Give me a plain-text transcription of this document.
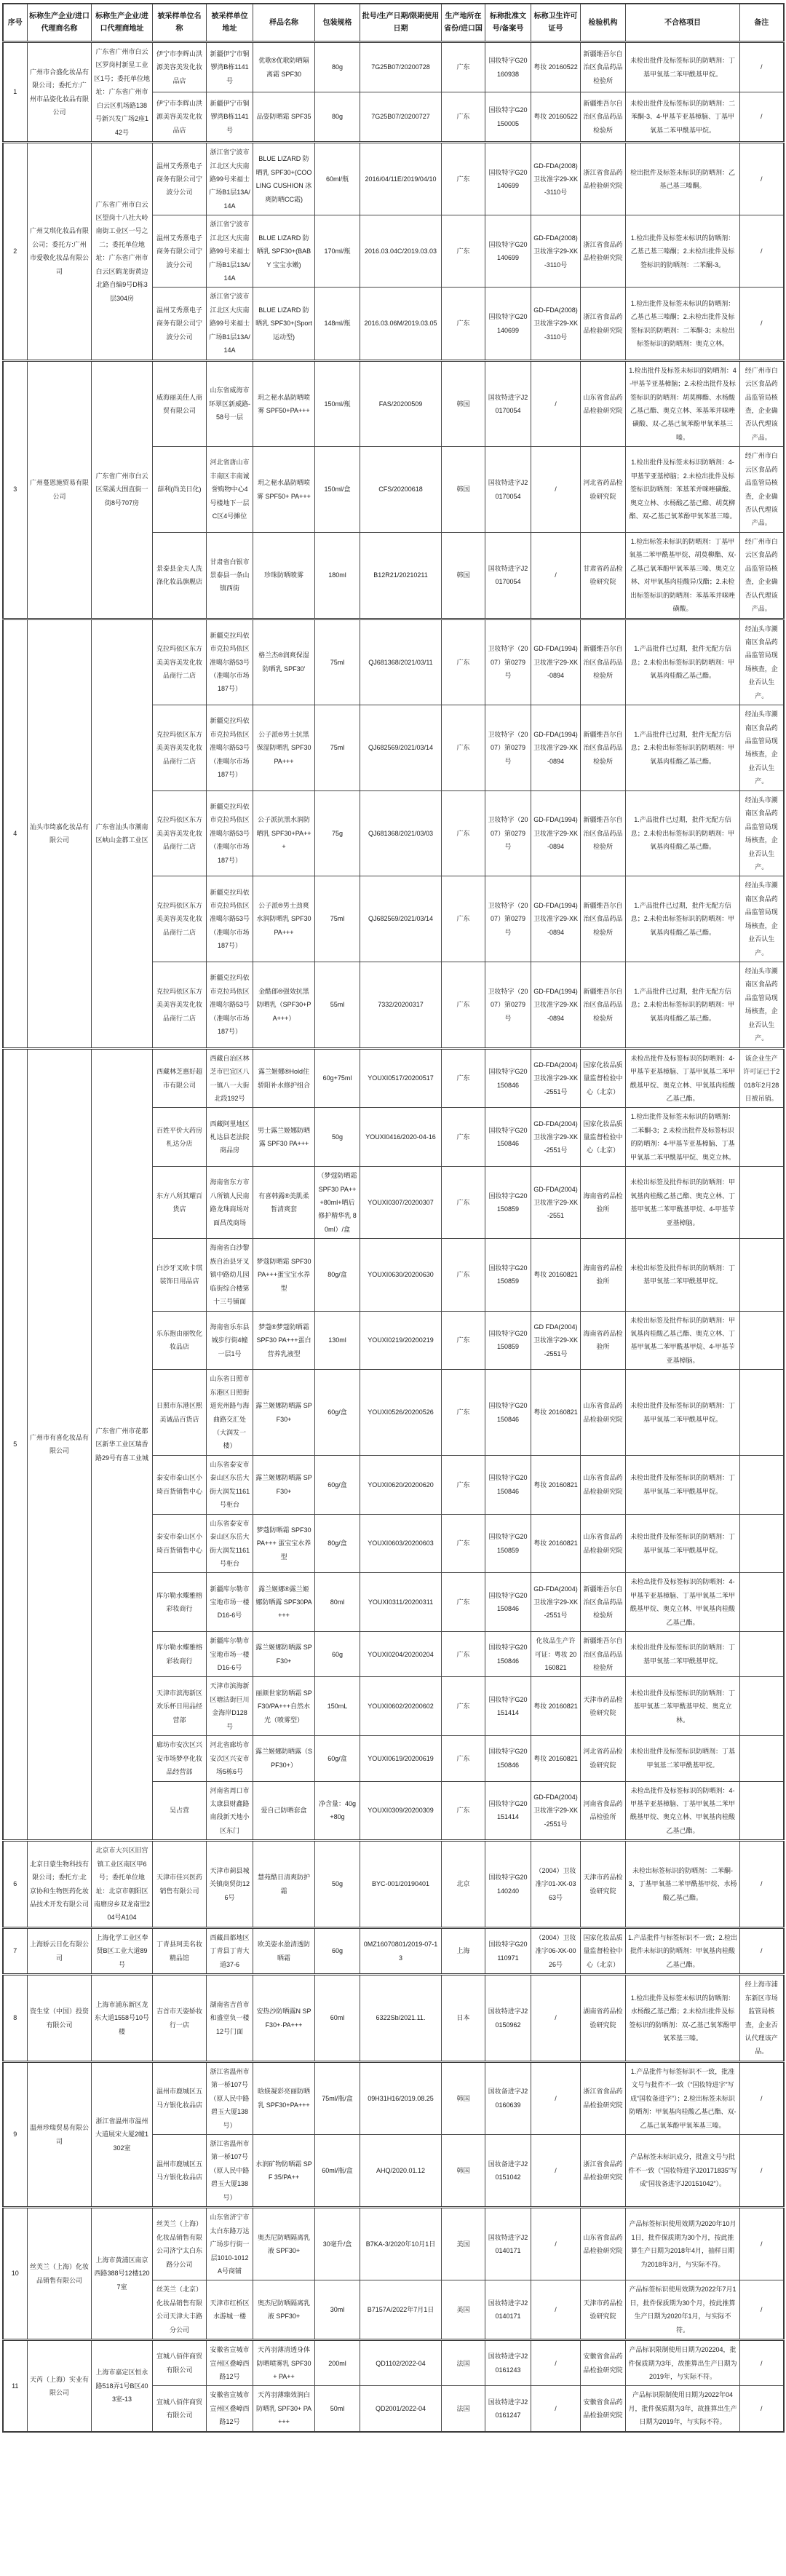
序号	标称生产企业/进口代理商名称	标称生产企业/进口代理商地址	被采样单位名称	被采样单位地址	样品名称	包装规格	批号/生产日期/限期使用日期	生产地所在省份/进口国	标称批准文号/备案号	标称卫生许可证号	检验机构	不合格项目	备注
1	广州市合盛化妆品有限公司；委托方:广州市品姿化妆品有限公司	广东省广州市白云区罗岗村新星工业区1号；委托单位地址：广东省广州市白云区机场路138号新兴发广场2座142号	伊宁市李辉山洪源美容美发化妆品店	新疆伊宁市铜锣湾B栋1141号	优歌®优歌防晒隔离霜 SPF30	80g	7G25B07/20200728	广东	国妆特字G20160938	粤妆 20160522	新疆维吾尔自治区食品药品检验所	未检出批件及标签标识的防晒剂：丁基甲氧基二苯甲酰基甲烷。	/
			伊宁市李辉山洪源美容美发化妆品店	新疆伊宁市铜锣湾B栋1141号	品姿防晒霜 SPF35	80g	7G25B07/20200727	广东	国妆特字G20150005	粤妆 20160522	新疆维吾尔自治区食品药品检验所	未检出批件及标签标识的防晒剂：二苯酮-3、4-甲基苄亚基樟脑、丁基甲氧基二苯甲酰基甲烷。	/
2	广州艾琪化妆品有限公司；委托方:广州市爱敬化妆品有限公司	广东省广州市白云区望岗十八社大岭南街工业区一号之二；委托单位地址：广东省广州市白云区鹤龙街黄边北路自编9号D栋3层304房	温州艾秀熹电子商务有限公司宁波分公司	浙江省宁波市江北区大庆南路99号来福士广场B1层13A/14A	BLUE LIZARD 防晒乳 SPF30+(COOLING CUSHION 冰爽防晒CC霜)	60ml/瓶	2016/04/11E/2019/04/10	广东	国妆特字G20140699	GD-FDA(2008)卫妆准字29-XK-3110号	浙江省食品药品检验研究院	检出批件及标签未标识的防晒剂：乙基己基三嗪酮。	/
			温州艾秀熹电子商务有限公司宁波分公司	浙江省宁波市江北区大庆南路99号来福士广场B1层13A/14A	BLUE LIZARD 防晒乳 SPF30+(BABY 宝宝水嫩)	170ml/瓶	2016.03.04C/2019.03.03	广东	国妆特字G20140699	GD-FDA(2008)卫妆准字29-XK-3110号	浙江省食品药品检验研究院	1.检出批件及标签未标识的防晒剂：乙基己基三嗪酮；2.未检出批件及标签标识的防晒剂：二苯酮-3。	/
			温州艾秀熹电子商务有限公司宁波分公司	浙江省宁波市江北区大庆南路99号来福士广场B1层13A/14A	BLUE LIZARD 防晒乳 SPF30+(Sport 运动型)	148ml/瓶	2016.03.06M/2019.03.05	广东	国妆特字G20140699	GD-FDA(2008)卫妆准字29-XK-3110号	浙江省食品药品检验研究院	1.检出批件及标签未标识的防晒剂：乙基己基三嗪酮；2.未检出批件及标签标识的防晒剂：二苯酮-3；未检出标签标识的防晒剂：奥克立林。	/
3	广州蔓恩施贸易有限公司	广东省广州市白云区棠溪大围直街一街8号707房	威海丽美佳人商贸有限公司	山东省威海市环翠区新威路-58号一层	玥之秘水晶防晒喷雾 SPF50+PA+++	150ml/瓶	FAS/20200509	韩国	国妆特进字J20170054	/	山东省食品药品检验研究院	1.检出批件及标签未标识的防晒剂：4-甲基苄亚基樟脑；2.未检出批件及标签标识的防晒剂：胡莫柳酯、水杨酸乙基己酯、奥克立林、苯基苯并咪唑磺酸、双-乙基己氧苯酚甲氧苯基三嗪。	经广州市白云区食品药品监管局核查，企业确否认代理该产品。
			薛利(尚美日化)	河北省唐山市丰南区丰南诚誉购物中心4号楼地下一层C区4号摊位	玥之秘水晶防晒喷雾 SPF50+ PA+++	150ml/盒	CFS/20200618	韩国	国妆特进字J20170054	/	河北省药品检验研究院	1.检出批件及标签未标识防晒剂：4-甲基苄亚基樟脑；2.未检出批件及标签标识防晒剂：苯基苯并咪唑磺酸、奥克立林、水杨酸乙基己酯、胡莫柳酯、双-乙基己氧苯酚甲氧苯基三嗪。	经广州市白云区食品药品监管局核查，企业确否认代理该产品。
			景泰县金夫人洗涤化妆品旗舰店	甘肃省白银市景泰县一条山镇西街	珍珠防晒喷雾	180ml	B12R21/20210211	韩国	国妆特进字J20170054	/	甘肃省药品检验研究院	1.检出标签未标识的防晒剂：丁基甲氧基二苯甲酰基甲烷、胡莫柳酯、双-乙基己氧苯酚甲氧苯基三嗪、奥克立林、对甲氧基肉桂酸异戊酯；2.未检出标签标识的防晒剂：苯基苯并咪唑磺酸。	经广州市白云区食品药品监管局核查，企业确否认代理该产品。
4	汕头市绮嘉化妆品有限公司	广东省汕头市潮南区峡山金都工业区	克拉玛依区东方美美容美发化妆品商行二店	新疆克拉玛依市克拉玛依区准噶尔路53号（准噶尔市场187号）	格兰杰®润爽保湿防晒乳 SPF30'	75ml	QJ681368/2021/03/11	广东	卫妆特字（2007）第0279号	GD-FDA(1994)卫妆准字29-XK-0894	新疆维吾尔自治区食品药品检验所	1.产品批件已过期，批件无配方信息；2.未检出标签标识的防晒剂：甲氧基肉桂酸乙基己酯。	经汕头市潮南区食品药品监管局现场核查，企业否认生产。
			克拉玛依区东方美美容美发化妆品商行二店	新疆克拉玛依市克拉玛依区准噶尔路53号（准噶尔市场187号）	公子派®男士抗黑保湿防晒乳 SPF30PA+++	75ml	QJ682569/2021/03/14	广东	卫妆特字（2007）第0279号	GD-FDA(1994)卫妆准字29-XK-0894	新疆维吾尔自治区食品药品检验所	1.产品批件已过期，批件无配方信息；2.未检出标签标识的防晒剂：甲氧基肉桂酸乙基己酯。	经汕头市潮南区食品药品监管局现场核查，企业否认生产。
			克拉玛依区东方美美容美发化妆品商行二店	新疆克拉玛依市克拉玛依区准噶尔路53号（准噶尔市场187号）	公子派抗黑水润防晒乳 SPF30+PA+++	75g	QJ681368/2021/03/03	广东	卫妆特字（2007）第0279号	GD-FDA(1994)卫妆准字29-XK-0894	新疆维吾尔自治区食品药品检验所	1.产品批件已过期，批件无配方信息；2.未检出标签标识的防晒剂：甲氧基肉桂酸乙基己酯。	经汕头市潮南区食品药品监管局现场核查，企业否认生产。
			克拉玛依区东方美美容美发化妆品商行二店	新疆克拉玛依市克拉玛依区准噶尔路53号（准噶尔市场187号）	公子派®男士劲爽水润防晒乳 SPF30PA+++	75ml	QJ682569/2021/03/14	广东	卫妆特字（2007）第0279号	GD-FDA(1994)卫妆准字29-XK-0894	新疆维吾尔自治区食品药品检验所	1.产品批件已过期，批件无配方信息；2.未检出标签标识的防晒剂：甲氧基肉桂酸乙基己酯。	经汕头市潮南区食品药品监管局现场核查，企业否认生产。
			克拉玛依区东方美美容美发化妆品商行二店	新疆克拉玛依市克拉玛依区准噶尔路53号（准噶尔市场187号）	金酷郎®强效抗黑防晒乳（SPF30+PA+++）	55ml	7332/20200317	广东	卫妆特字（2007）第0279号	GD-FDA(1994)卫妆准字29-XK-0894	新疆维吾尔自治区食品药品检验所	1.产品批件已过期，批件无配方信息；2.未检出标签标识的防晒剂：甲氧基肉桂酸乙基己酯。	经汕头市潮南区食品药品监管局现场核查，企业否认生产。
5	广州市有喜化妆品有限公司	广东省广州市花都区新华工业区瑞香路29号有喜工业城	西藏林芝惠好超市有限公司	西藏自治区林芝市巴宜区八一镇八一大街北段192号	露兰姬娜®Hold住骄阳补水修护组合	60g+75ml	YOUXI0517/20200517	广东	国妆特字G20150846	GD-FDA(2004)卫妆准字29-XK-2551号	国家化妆品质量监督检验中心（北京）	未检出批件及标签标识的防晒剂：4-甲基苄亚基樟脑、丁基甲氧基二苯甲酰基甲烷、奥克立林、甲氧基肉桂酸乙基己酯。	该企业生产许可证已于2018年2月28日被吊销。
			百姓平价大药房札达分店	西藏阿里地区札达县老法院商品房	男士露兰姬娜防晒露 SPF30 PA+++	50g	YOUXI0416/2020-04-16	广东	国妆特字G20150846	GD-FDA(2004)卫妆准字29-XK-2551号	国家化妆品质量监督检验中心（北京）	1.检出批件及标签未标识的防晒剂：二苯酮-3；2.未检出批件及标签标识的防晒剂：4-甲基苄亚基樟脑、丁基甲氧基二苯甲酰基甲烷、奥克立林。	
			东方八所其耀百货店	海南省东方市八所镇人民南路龙珠商场对面昌茂商场	有喜韩露®美肌柔皙清爽套	（梦蔻防晒霜 SPF30 PA+++80ml+晒后修护精华乳 80ml）/盒	YOUXI0307/20200307	广东	国妆特字G20150859	GD-FDA(2004)卫妆准字29-XK-2551	海南省药品检验所	未检出标签及批件标识的防晒剂：甲氧基肉桂酸乙基己酯、奥克立林、丁基甲氧基二苯甲酰基甲烷、4-甲基苄亚基樟脑。	
			白沙牙叉欧卡琪装饰日用品店	海南省白沙黎族自治县牙叉镇中路幼儿园临街综合楼第十三号铺面	梦蔻防晒霜 SPF30 PA+++蛋宝宝水养型	80g/盒	YOUXI0630/20200630	广东	国妆特字G20150859	粤妆 20160821	海南省药品检验所	未检出标签及批件标识的防晒剂：丁基甲氧基二苯甲酰基甲烷。	
			乐东抱由丽牧化妆品店	海南省乐东县城步行街4幢一层1号	梦蔻®梦蔻防晒霜 SPF30 PA+++蛋白营养乳液型	130ml	YOUXI0219/20200219	广东	国妆特字G20150859	GD FDA(2004)卫妆准字29-XK-2551号	海南省药品检验所	未检出标签及批件标识的防晒剂：甲氧基肉桂酸乙基己酯、奥克立林、丁基甲氧基二苯甲酰基甲烷、4-甲基苄亚基樟脑。	
			日照市东港区熙美诚品百货店	山东省日照市东港区日照街道兖州路与海曲路交汇处（大润发一楼）	露兰姬娜防晒露 SPF30+	60g/盒	YOUXI0526/20200526	广东	国妆特字G20150846	粤妆 20160821	山东省食品药品检验研究院	未检出批件及标签标识的防晒剂：丁基甲氧基二苯甲酰基甲烷。	
			泰安市泰山区小琦百货销售中心	山东省泰安市泰山区东岳大街大润发1161号柜台	露兰姬娜防晒露 SPF30+	60g/盒	YOUXI0620/20200620	广东	国妆特字G20150846	粤妆 20160821	山东省食品药品检验研究院	未检出批件及标签标识的防晒剂：丁基甲氧基二苯甲酰基甲烷。	
			泰安市泰山区小琦百货销售中心	山东省泰安市泰山区东岳大街大润发1161号柜台	梦蔻防晒霜 SPF30 PA+++ 蛋宝宝水养型	80g/盒	YOUXI0603/20200603	广东	国妆特字G20150859	粤妆 20160821	山东省食品药品检验研究院	未检出批件及标签标识的防晒剂：丁基甲氧基二苯甲酰基甲烷。	
			库尔勒水蝶雅榕彩妆商行	新疆库尔勒市宝地市场一楼D16-6号	露兰姬娜®露兰姬娜防晒露 SPF30PA+++	80ml	YOUXI0311/20200311	广东	国妆特字G20150846	GD-FDA(2004)卫妆准字29-XK-2551号	新疆维吾尔自治区食品药品检验所	未检出批件及标签标识的防晒剂：4-甲基苄亚基樟脑、丁基甲氧基二苯甲酰基甲烷、奥克立林、甲氧基肉桂酸乙基己酯。	
			库尔勒水蝶雅榕彩妆商行	新疆库尔勒市宝地市场一楼D16-6号	露兰姬娜防晒露 SPF30+	60g	YOUXI0204/20200204	广东	国妆特字G20150846	化妆品生产许可证：粤妆 20160821	新疆维吾尔自治区食品药品检验所	未检出批件及标签标识的防晒剂：丁基甲氧基二苯甲酰基甲烷。	
			天津市滨海新区欢乐杯日用品经营部	天津市滨海新区塘沽街巨川金海岸D128号	丽颜世家防晒霜 SPF30/PA+++自然水光（喷雾型）	150mL	YOUXI0602/20200602	广东	国妆特字G20151414	粤妆 20160821	天津市药品检验研究院	未检出批件及标签标识的防晒剂：丁基甲氧基二苯甲酰基甲烷、奥克立林。	
			廊坊市安次区兴安市场梦亭化妆品经营部	河北省廊坊市安次区兴安市场5栋6号	露兰姬娜防晒露（SPF30+）	60g/盒	YOUXI0619/20200619	广东	国妆特字G20150846	粤妆 20160821	河北省药品检验研究院	未检出批件及标签标识防晒剂：丁基甲氧基二苯甲酰基甲烷。	
			吴占营	河南省周口市太康县财鑫路南段新天地小区东门	爱自己防晒套盒	净含量：40g+80g	YOUXI0309/20200309	广东	国妆特字G20151414	GD-FDA(2004)卫妆准字29-XK-2551号	河南省食品药品检验所	未检出批件及标签标识的防晒剂：4-甲基苄亚基樟脑、丁基甲氧基二苯甲酰基甲烷、奥克立林、甲氧基肉桂酸乙基己酯。	
6	北京日蒙生物科技有限公司；委托方:北京协和生物医药化妆品技术开发有限公司	北京市大兴区旧宫镇工业区南区甲6号；委托单位地址：北京市朝阳区南磨房乡双龙南里204号A104	天津市佳兴医药销售有限公司	天津市蓟县城关镇商贸街126号	慧苑酷日清爽防护霜	50g	BYC-001/20190401	北京	国妆特字G20140240	（2004）卫妆准字01-XK-0363号	天津市药品检验研究院	未检出标签标识的防晒剂：二苯酮-3、丁基甲氧基二苯甲酰基甲烷、水杨酸乙基己酯。	/
7	上海娇云日化有限公司	上海化学工业区奉贤B区工业大道89号	丁青县珂美名妆精品馆	西藏昌都地区丁青县丁青大道37-6	欧美姿水盈清透防晒霜	60g	0MZ16070801/2019-07-13	上海	国妆特字G20110971	（2004）卫妆准字06-XK-0026号	国家化妆品质量监督检验中心（北京）	1.产品批件与标签标识不一致；2.检出批件未标识的防晒剂：甲氧基肉桂酸乙基己酯。	/
8	资生堂（中国）投资有限公司	上海市浦东新区龙东大道1558号10号楼	吉首市天姿娇妆行一店	湖南省吉首市和盛堂负一楼12号门面	安热沙防晒露N SPF30+·PA+++	60ml	6322Sb/2021.11.	日本	国妆特进字J20150962	/	湖南省药品检验研究院	1.检出批件及标签未标识的防晒剂：水杨酸乙基己酯；2.未检出批件及标签标识的防晒剂：双-乙基己氧苯酚甲氧苯基三嗪。	经上海市浦东新区市场监管局核查，企业否认代理该产品。
9	温州珍瑞贸易有限公司	浙江省温州市温州大道展宋大厦2幢1302室	温州市鹿城区五马方银化妆品店	浙江省温州市第一桥107号（原人民中路碧玉大厦138号）	晗媄凝彩亮丽防晒乳 SPF30+PA+++	75ml/瓶/盒	09H31H16/2019.08.25	韩国	国妆备进字J20160639	/	浙江省食品药品检验研究院	1.产品批件与标签标识不一致，批准文号与批件不一致（“国妆特进字”写成“国妆备进字”）；2.检出标签未标识防晒剂：甲氧基肉桂酸乙基己酯、双-乙基己氧苯酚甲氧苯基三嗪。	/
			温州市鹿城区五马方银化妆品店	浙江省温州市第一桥107号（原人民中路碧玉大厦138号）	水润矿物防晒霜 SPF 35/PA++	60ml/瓶/盒	AHQ/2020.01.12	韩国	国妆备进字J20151042	/	浙江省食品药品检验研究院	产品标签未标识成分，批准文号与批件不一致（“国妆特进字J20171835”写成“国妆备进字J20151042”）。	/
10	丝芙兰（上海）化妆品销售有限公司	上海市黄浦区南京西路388号12楼1207室	丝芙兰（上海）化妆品销售有限公司济宁太白东路分公司	山东省济宁市太白东路万达广场步行街一层1010-1012A号商铺	奥杰尼防晒隔离乳液 SPF30+	30毫升/盒	B7KA-3/2020年10月1日	美国	国妆特进字J20140171	/	山东省食品药品检验研究院	产品标签标识使用效期为2020年10月1日，批件保质期为30个月，按此推算生产日期为2018年4月，抽样日期为2018年3月，与实际不符。	/
			丝芙兰（北京）化妆品销售有限公司天津大丰路分公司	天津市红桥区水游城一楼	奥杰尼防晒隔离乳液 SPF30+	30ml	B7157A/2022年7月1日	美国	国妆特进字J20140171	/	天津市药品检验研究院	产品标签标识使用效期为2022年7月1日，批件保质期为30个月，按此推算生产日期为2020年1月，与实际不符。	/
11	天芮（上海）实业有限公司	上海市嘉定区恒永路518弄1号B区403室-13	宣城八佰伴商贸有限公司	安徽省宣城市宣州区叠嶂西路12号	天芮羽薄清透身体防晒喷雾乳 SPF30+ PA++	200ml	QD1102/2022-04	法国	国妆特进字J20161243	/	安徽省食品药品检验研究院	产品标识限制使用日期为202204，批件保质期为3年，故推算出生产日期为2019年，与实际不符。	/
			宣城八佰伴商贸有限公司	安徽省宣城市宣州区叠嶂西路12号	天芮羽薄臻效润白防晒乳 SPF30+ PA+++	50ml	QD2001/2022-04	法国	国妆特进字J20161247	/	安徽省食品药品检验研究院	产品标识限制使用日期为2022年04月，批件保质期为3年，故推算出生产日期为2019年，与实际不符。	/
